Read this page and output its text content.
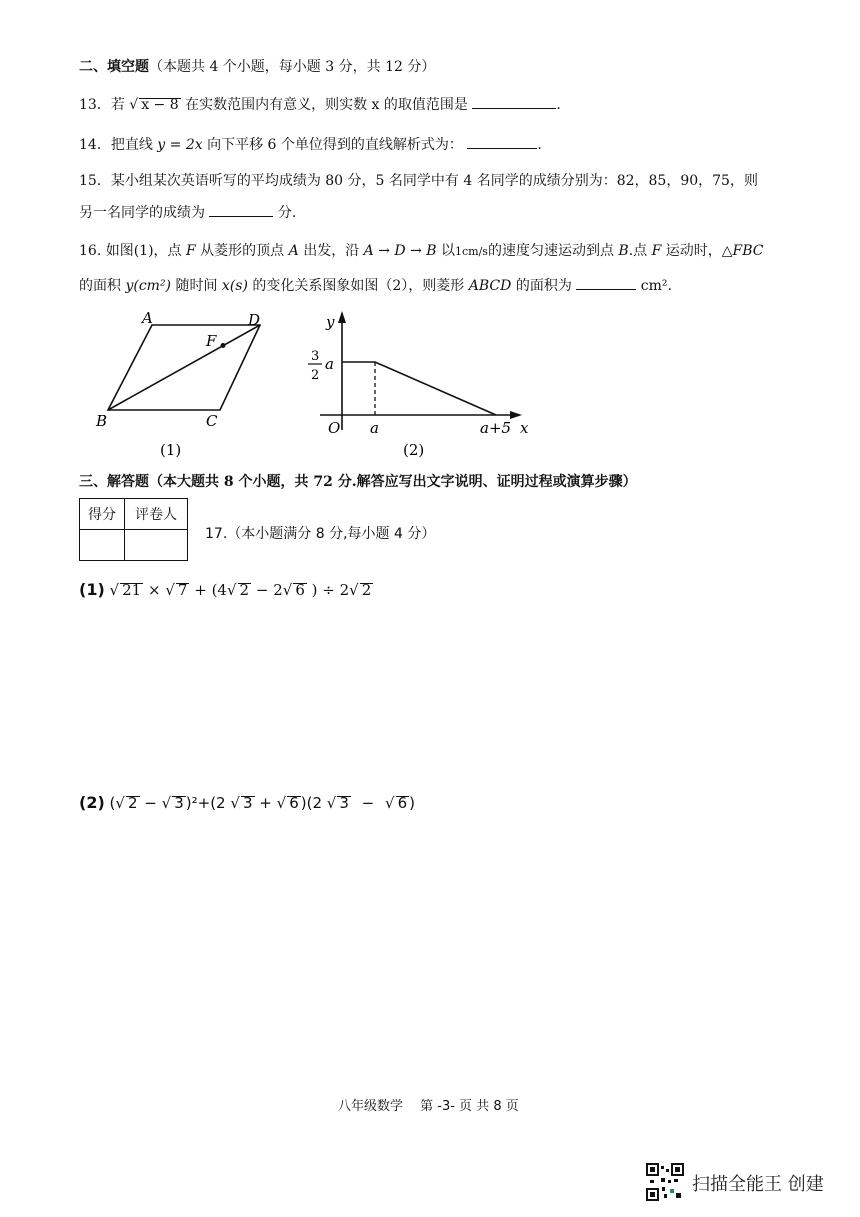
二、填空题（本题共 4 个小题，每小题 3 分，共 12 分）
13．若 √ x − 8 在实数范围内有意义，则实数 x 的取值范围是	.
14．把直线 y = 2x 向下平移 6 个单位得到的直线解析式为：	.
15．某小组某次英语听写的平均成绩为 80 分，5 名同学中有 4 名同学的成绩分别为：82，85，90，75，则
另一名同学的成绩为	分.
16. 如图(1)，点 F 从菱形的顶点 A 出发，沿 A → D → B 以1cm/s的速度匀速运动到点 B.点 F 运动时，△FBC
的面积 y(cm²) 随时间 x(s) 的变化关系图象如图（2），则菱形 ABCD 的面积为	cm².
A	D
F
B	C
(1)
y
x
O a	a+5
3
2
a
(2)
三、解答题（本大题共 8 个小题，共 72 分.解答应写出文字说明、证明过程或演算步骤）
得分	评卷人

17.（本小题满分 8 分,每小题 4 分）
(1) √ 21 × √ 7 + (4√ 2 − 2√ 6 ) ÷ 2√ 2
(2) (√ 2 − √ 3 )²+(2 √ 3 + √ 6 )(2 √ 3 − √ 6 )
八年级数学　 第 -3- 页 共 8 页
扫描全能王 创建
